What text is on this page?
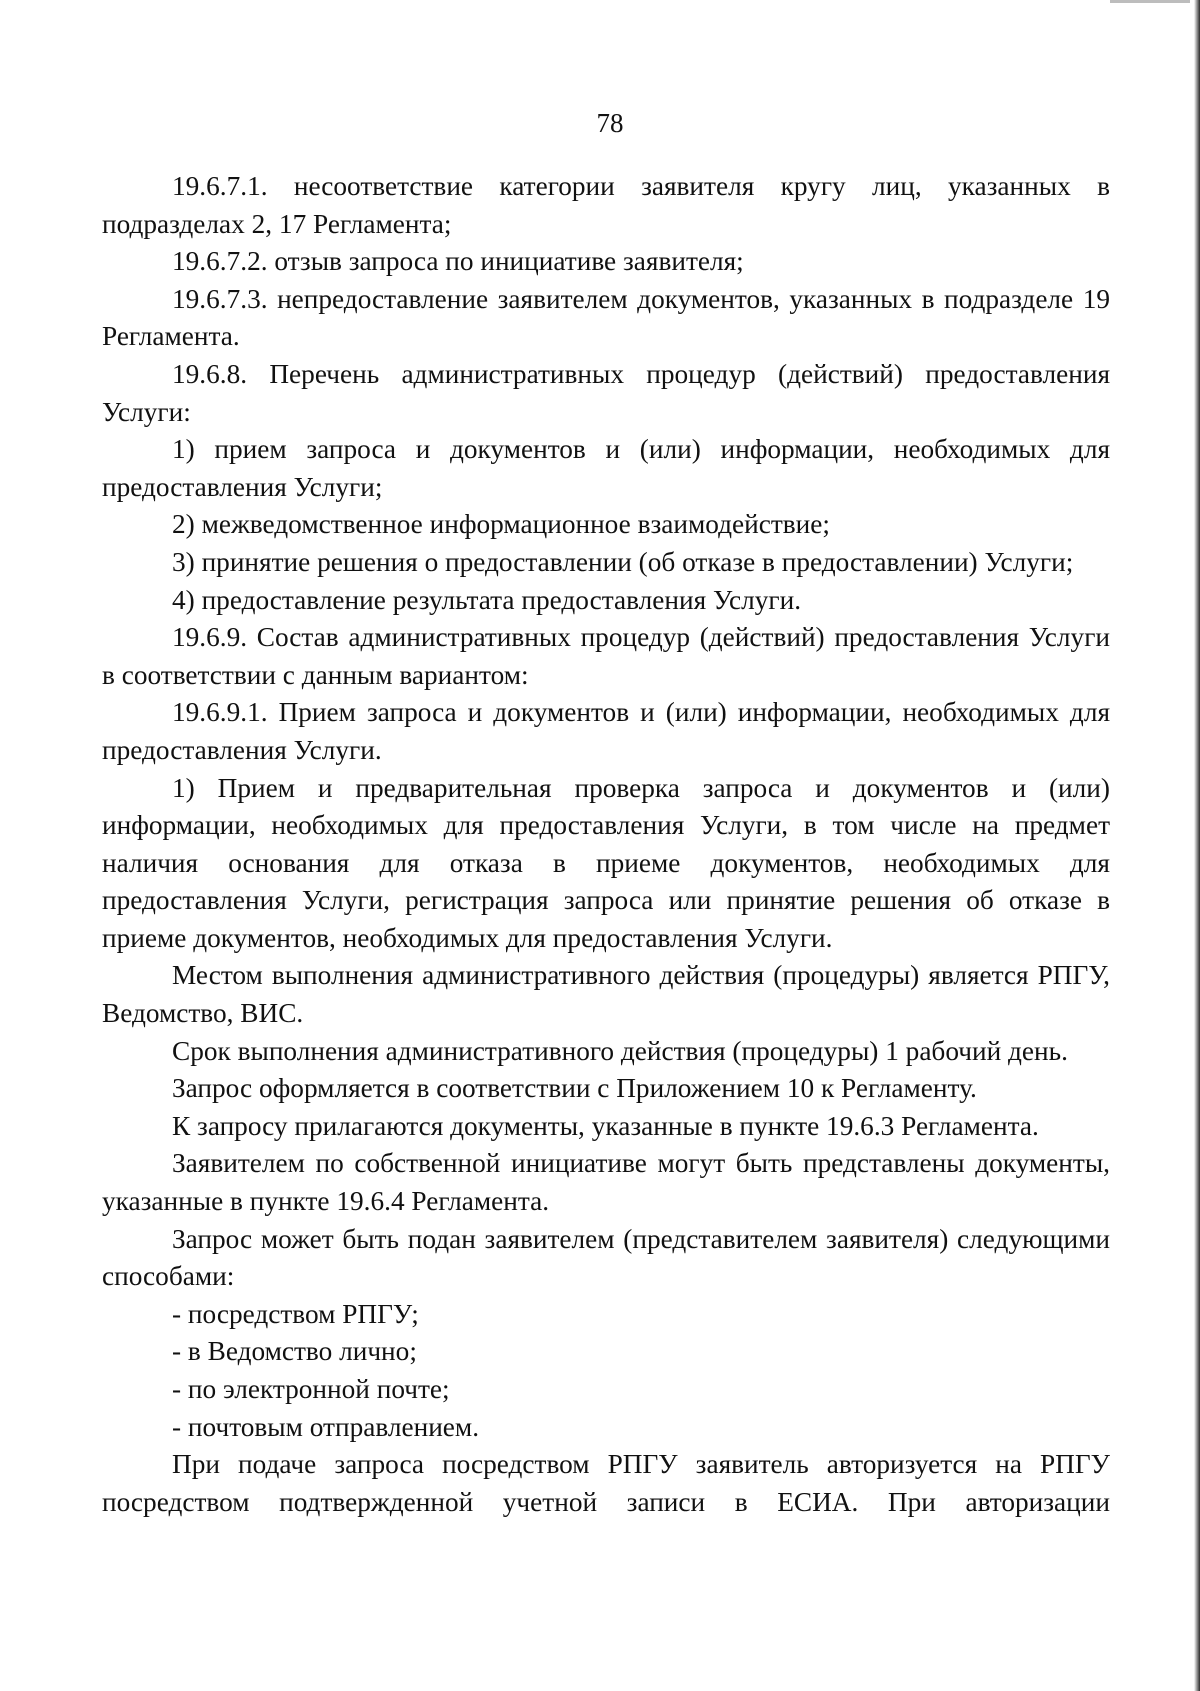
78

19.6.7.1. несоответствие категории заявителя кругу лиц, указанных в подразделах 2, 17 Регламента;

19.6.7.2. отзыв запроса по инициативе заявителя;

19.6.7.3. непредоставление заявителем документов, указанных в подразделе 19 Регламента.

19.6.8. Перечень административных процедур (действий) предоставления Услуги:

1) прием запроса и документов и (или) информации, необходимых для предоставления Услуги;

2) межведомственное информационное взаимодействие;

3) принятие решения о предоставлении (об отказе в предоставлении) Услуги;

4) предоставление результата предоставления Услуги.

19.6.9. Состав административных процедур (действий) предоставления Услуги в соответствии с данным вариантом:

19.6.9.1. Прием запроса и документов и (или) информации, необходимых для предоставления Услуги.

1) Прием и предварительная проверка запроса и документов и (или) информации, необходимых для предоставления Услуги, в том числе на предмет наличия основания для отказа в приеме документов, необходимых для предоставления Услуги, регистрация запроса или принятие решения об отказе в приеме документов, необходимых для предоставления Услуги.

Местом выполнения административного действия (процедуры) является РПГУ, Ведомство, ВИС.

Срок выполнения административного действия (процедуры) 1 рабочий день.

Запрос оформляется в соответствии с Приложением 10 к Регламенту.

К запросу прилагаются документы, указанные в пункте 19.6.3 Регламента.

Заявителем по собственной инициативе могут быть представлены документы, указанные в пункте 19.6.4 Регламента.

Запрос может быть подан заявителем (представителем заявителя) следующими способами:

- посредством РПГУ;

- в Ведомство лично;

- по электронной почте;

- почтовым отправлением.

При подаче запроса посредством РПГУ заявитель авторизуется на РПГУ посредством подтвержденной учетной записи в ЕСИА. При авторизации
